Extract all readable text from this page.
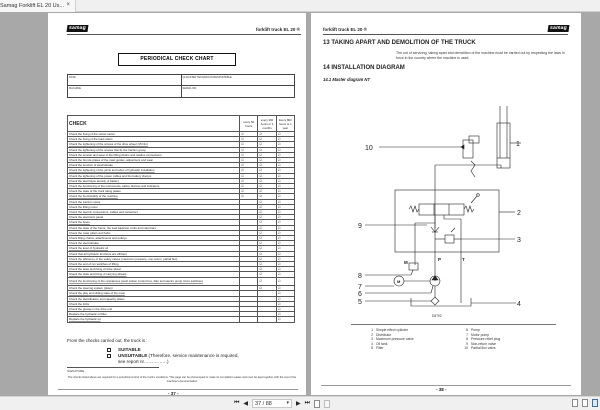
Samag Forklift EL 20 Us... ×
samag	forklift truck EL 20 ®
PERIODICAL CHECK CHART
DATE	QUALIFIED TECHNICIAN RESPONSIBLE
MACHINE	SERIAL NR.
CHECK	every 50 hours	every 400 hours or 3 months	Every 800 hours or 1 year
Check the fixing of the swivel castor	☑	☑	☑
Check the fixing of the load rollers	☑	☑	☑
Check the tightening of the screws of the drive wheel (15 Nm)	☑	☑	☑
Check the tightening of the screws that fix the traction group	☑	☑	☑
Check the tension and wear of the lifting chains and relative connections	☑	☑	☑
Check the bronze plates of the mast guides, adjustment and wear	☑	☑	☑
Check the function of electrobrake	☑	☑	☑
Check the tightening of the joints and tubes of hydraulic installation	☑	☑	☑
Check the tightening of the power cables and the battery clamps	☑	☑	☑
Check the electrolyte density of battery	☑	☑	☑
Check the functioning of the instruments, safety devices and indicators	☑	☑	☑
Check the state of the truck rating plates	☑	☑	☑
Check the functionality of the machine	☑	☑	☑
Check the traction motor		☑	☑
Check the lifting motor		☑	☑
Check the electric connections, cables and contactors		☑	☑
Check the electronic panel		☑	☑
Check the fuses		☑	☑
Check the state of the frame, the load backrest, forks and mast bars		☑	☑
Check the mast rollers and forks		☑	☑
Check lifting chains, attachments and pulleys		☑	☑
Check the electrobrake		☑	☑
Check the level of hydraulic oil		☑	☑
Check that all hydraulic functions are efficient		☑	☑
Check the efficiency of the safety valves (maximum pressure, non-return, partial flux)		☑	☑
Check the end of run switches of lifting		☑	☑
Check the state and fixing of drive wheel		☑	☑
Check the state and fixing of carrying wheels		☑	☑
Check the functioning of the resistances (push button control box, tiller and electro pump micro switches)		☑	☑
Check the steering system (plays)		☑	☑
Check the play and sliding state of the mast			☑
Check the identification and capacity plates			☑
Check the forks			☑
Check the grease in the drive unit			☑
Replace the hydraulic oil filter			☑
Replace the hydraulic oil			☑
From the checks carried out, the truck is :
SUITABLE
UNSUITABLE (Therefore, service maintenance is required,
see report nr……………)
SIGNATURE
The checks listed above are required for a periodical control of the truck's conditions. This page can be photocopied to make its compilation easier and must be kept together with the rest of the machine's documentation
- 37 -
forklift truck EL 20 ®	samag
13 TAKING APART AND DEMOLITION OF THE TRUCK
The out of servicing, taking apart and demolition of the machine must be carried out by respecting the laws in force in the country where the machine is used.
14 INSTALLATION DIAGRAM
14.1 Master diagram NT
1
2
3
4
5
6
7
8
9
10
M
P	T
M
D8792
1 Simple effect cylinder	6 Pump
2 Distributor	7 Motor pump
3 Maximum pressure valve	8 Pressure relief plug
4 Oil tank	9 Non-return valve
5 Filter	10 Partial flux valve
- 38 -
⏮ ◀	37 / 88	▾ ▶ ⏭
